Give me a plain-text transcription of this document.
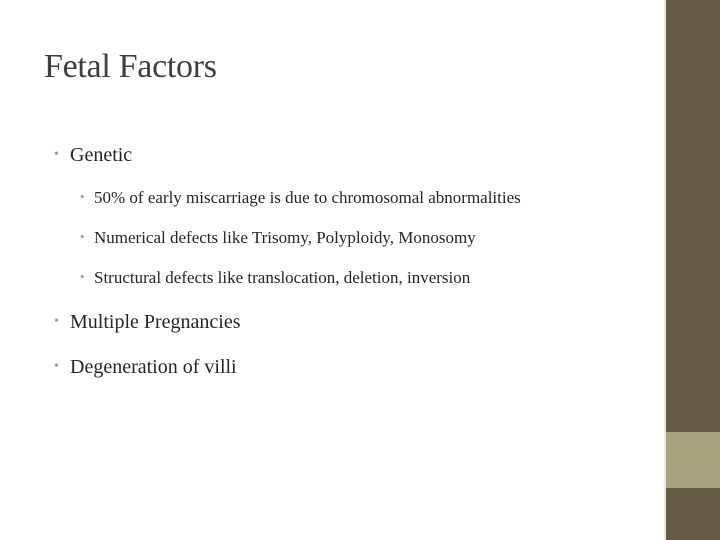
Fetal Factors
• Genetic
• 50% of early miscarriage is due to chromosomal abnormalities
• Numerical defects like Trisomy, Polyploidy, Monosomy
• Structural defects like translocation, deletion, inversion
• Multiple Pregnancies
• Degeneration of villi
